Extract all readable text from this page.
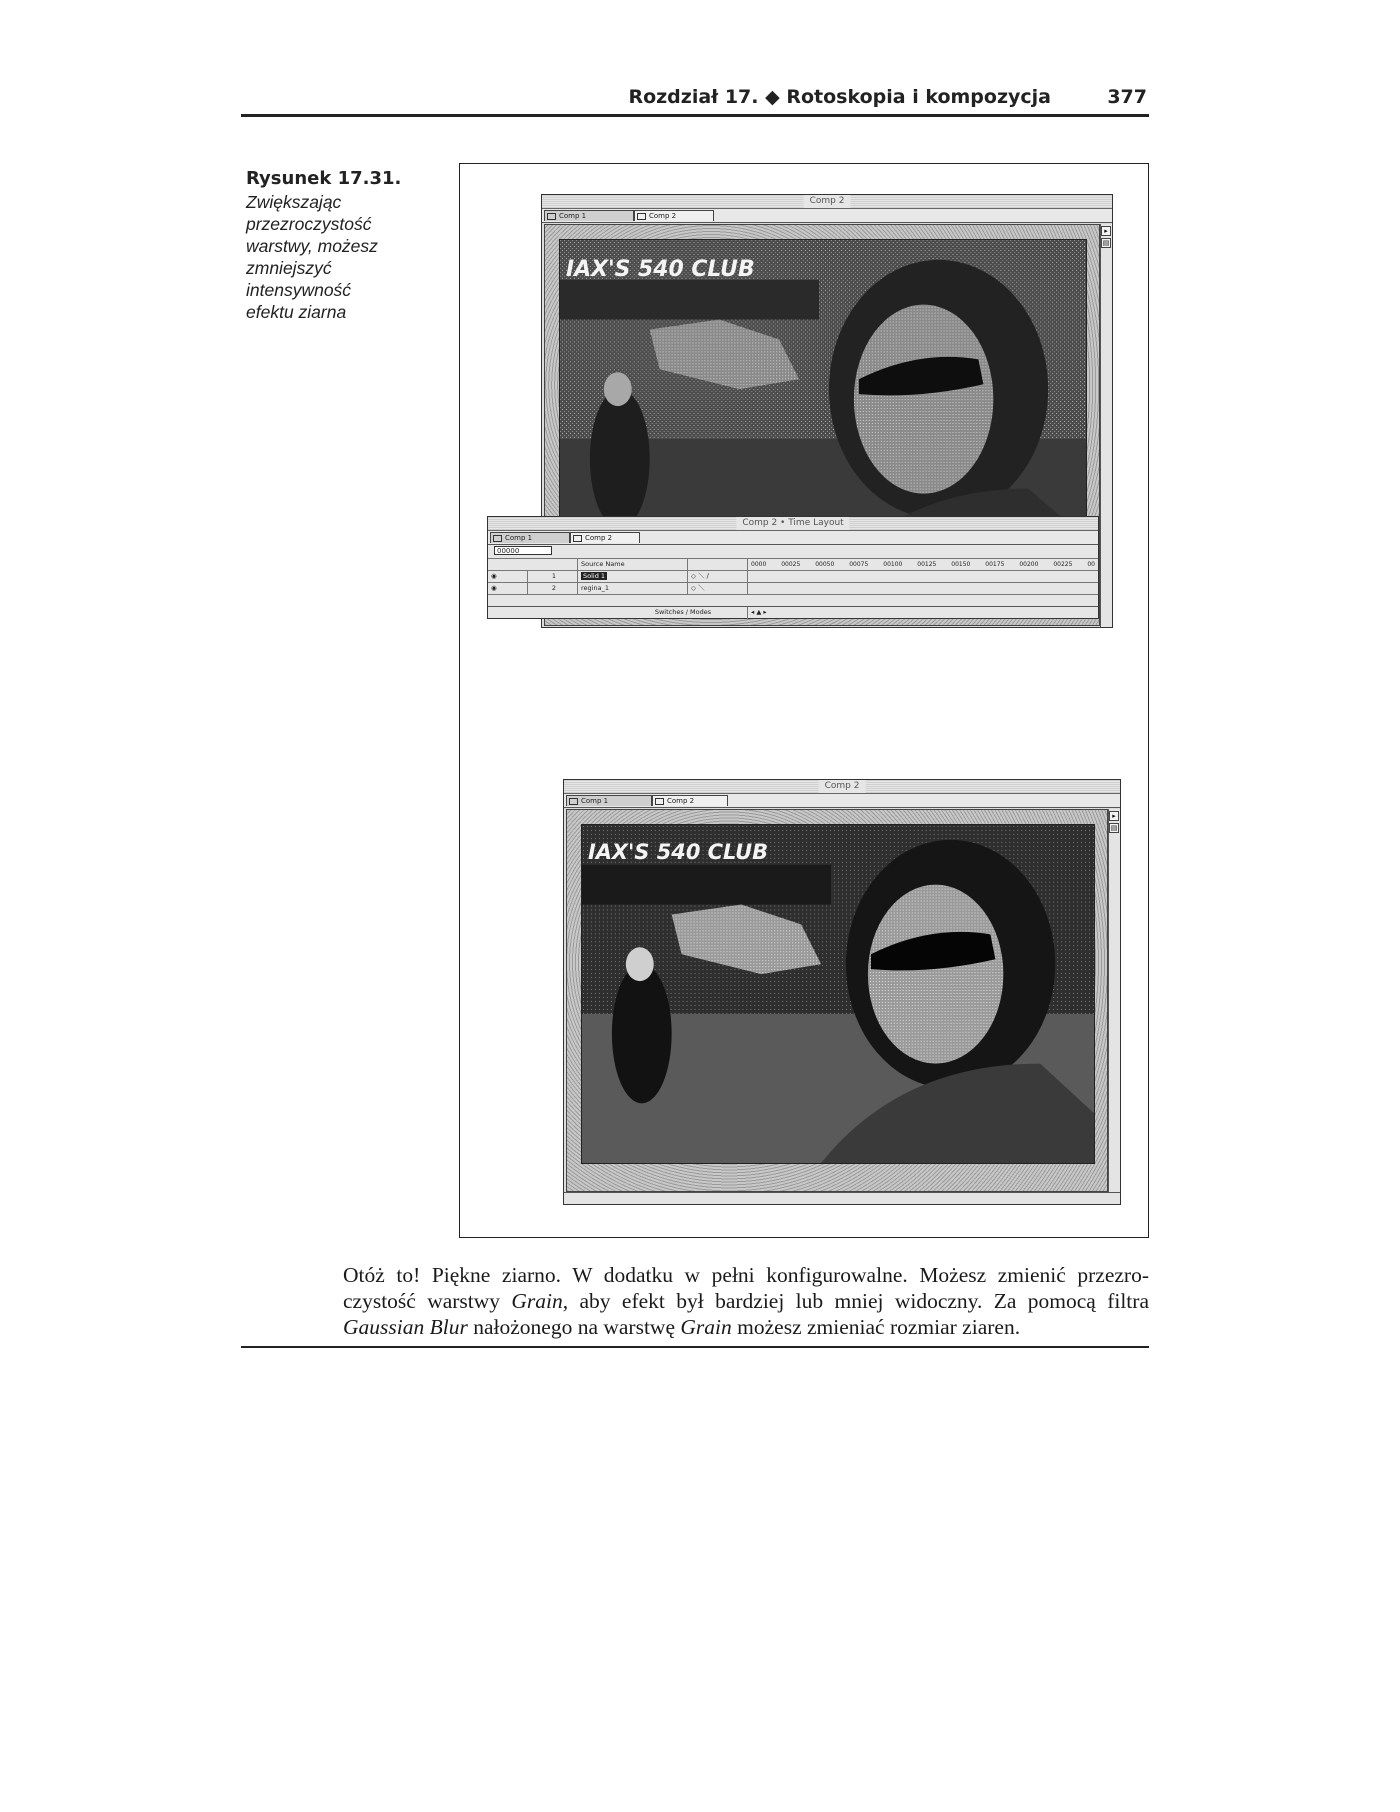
Rozdział 17. ◆ Rotoskopia i kompozycja	377
Rysunek 17.31.
Zwiększając
przezroczystość
warstwy, możesz
zmniejszyć
intensywność
efektu ziarna
Comp 2
Comp 1	Comp 2
IAX'S 540 CLUB
▸
▤
Comp 2 • Time Layout
Comp 1	Comp 2
00000
Source Name	0000 00025 00050 00075 00100 00125 00150 00175 00200 00225 00
◉	1	Solid 1	◇ ＼ ∕
◉	2	regina_1	◇ ＼
Switches / Modes	◂ ▲ ▸
Comp 2
Comp 1	Comp 2
IAX'S 540 CLUB
▸
▤
Otóż to! Piękne ziarno. W dodatku w pełni konfigurowalne. Możesz zmienić przezro-
czystość warstwy Grain, aby efekt był bardziej lub mniej widoczny. Za pomocą filtra
Gaussian Blur nałożonego na warstwę Grain możesz zmieniać rozmiar ziaren.
